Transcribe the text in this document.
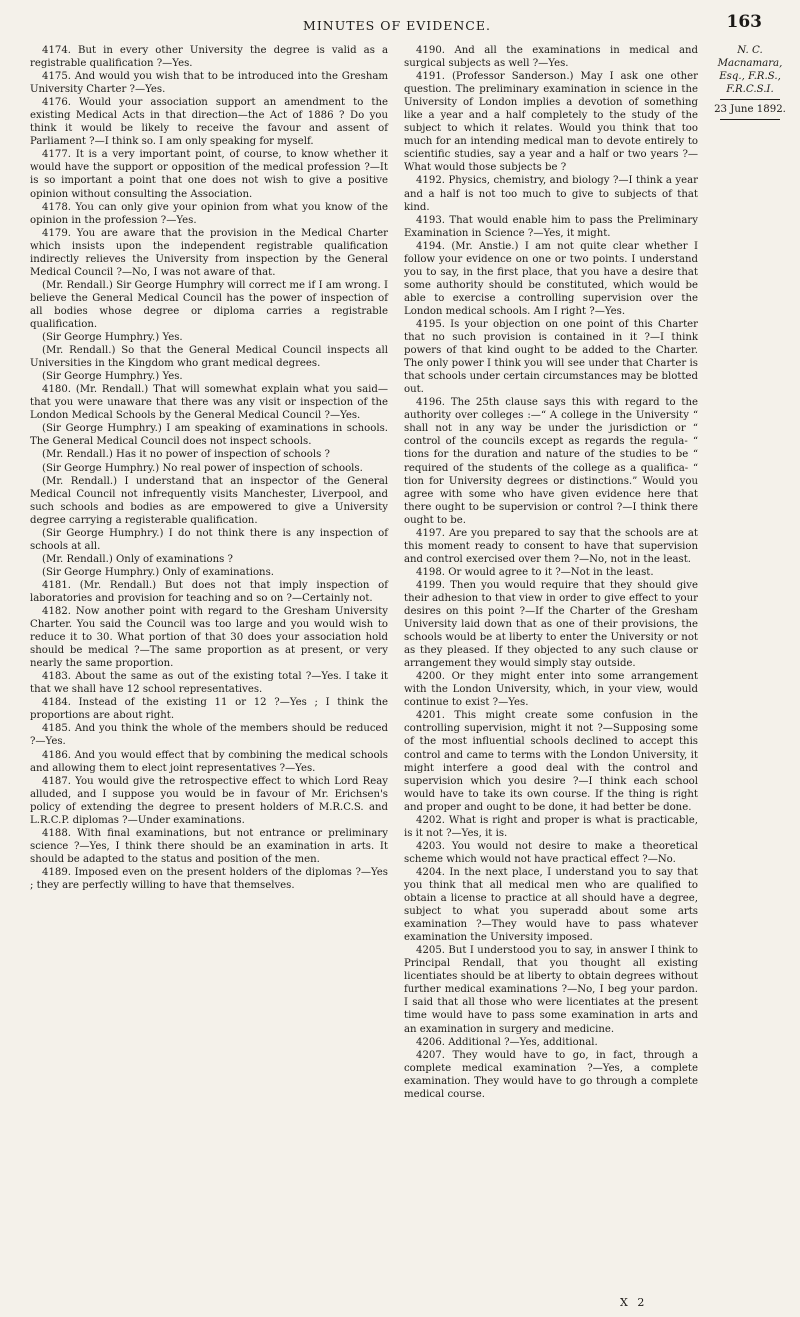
MINUTES OF EVIDENCE.	163

4174. But in every other University the degree is valid as a registrable qualification ?—Yes.

4175. And would you wish that to be introduced into the Gresham University Charter ?—Yes.

4176. Would your association support an amendment to the existing Medical Acts in that direction—the Act of 1886 ? Do you think it would be likely to receive the favour and assent of Parliament ?—I think so. I am only speaking for myself.

4177. It is a very important point, of course, to know whether it would have the support or opposition of the medical profession ?—It is so important a point that one does not wish to give a positive opinion without consulting the Association.

4178. You can only give your opinion from what you know of the opinion in the profession ?—Yes.

4179. You are aware that the provision in the Medical Charter which insists upon the independent registrable qualification indirectly relieves the University from inspection by the General Medical Council ?—No, I was not aware of that.

(Mr. Rendall.) Sir George Humphry will correct me if I am wrong. I believe the General Medical Council has the power of inspection of all bodies whose degree or diploma carries a registrable qualification.

(Sir George Humphry.) Yes.

(Mr. Rendall.) So that the General Medical Council inspects all Universities in the Kingdom who grant medical degrees.

(Sir George Humphry.) Yes.

4180. (Mr. Rendall.) That will somewhat explain what you said—that you were unaware that there was any visit or inspection of the London Medical Schools by the General Medical Council ?—Yes.

(Sir George Humphry.) I am speaking of examinations in schools. The General Medical Council does not inspect schools.

(Mr. Rendall.) Has it no power of inspection of schools ?

(Sir George Humphry.) No real power of inspection of schools.

(Mr. Rendall.) I understand that an inspector of the General Medical Council not infrequently visits Manchester, Liverpool, and such schools and bodies as are empowered to give a University degree carrying a registerable qualification.

(Sir George Humphry.) I do not think there is any inspection of schools at all.

(Mr. Rendall.) Only of examinations ?

(Sir George Humphry.) Only of examinations.

4181. (Mr. Rendall.) But does not that imply inspection of laboratories and provision for teaching and so on ?—Certainly not.

4182. Now another point with regard to the Gresham University Charter. You said the Council was too large and you would wish to reduce it to 30. What portion of that 30 does your association hold should be medical ?—The same proportion as at present, or very nearly the same proportion.

4183. About the same as out of the existing total ?—Yes. I take it that we shall have 12 school representatives.

4184. Instead of the existing 11 or 12 ?—Yes ; I think the proportions are about right.

4185. And you think the whole of the members should be reduced ?—Yes.

4186. And you would effect that by combining the medical schools and allowing them to elect joint representatives ?—Yes.

4187. You would give the retrospective effect to which Lord Reay alluded, and I suppose you would be in favour of Mr. Erichsen's policy of extending the degree to present holders of M.R.C.S. and L.R.C.P. diplomas ?—Under examinations.

4188. With final examinations, but not entrance or preliminary science ?—Yes, I think there should be an examination in arts. It should be adapted to the status and position of the men.

4189. Imposed even on the present holders of the diplomas ?—Yes ; they are perfectly willing to have that themselves.

4190. And all the examinations in medical and surgical subjects as well ?—Yes.

4191. (Professor Sanderson.) May I ask one other question. The preliminary examination in science in the University of London implies a devotion of something like a year and a half completely to the study of the subject to which it relates. Would you think that too much for an intending medical man to devote entirely to scientific studies, say a year and a half or two years ?—What would those subjects be ?

4192. Physics, chemistry, and biology ?—I think a year and a half is not too much to give to subjects of that kind.

4193. That would enable him to pass the Preliminary Examination in Science ?—Yes, it might.

4194. (Mr. Anstie.) I am not quite clear whether I follow your evidence on one or two points. I understand you to say, in the first place, that you have a desire that some authority should be constituted, which would be able to exercise a controlling supervision over the London medical schools. Am I right ?—Yes.

4195. Is your objection on one point of this Charter that no such provision is contained in it ?—I think powers of that kind ought to be added to the Charter. The only power I think you will see under that Charter is that schools under certain circumstances may be blotted out.

4196. The 25th clause says this with regard to the authority over colleges :—“ A college in the University “ shall not in any way be under the jurisdiction or “ control of the councils except as regards the regula- “ tions for the duration and nature of the studies to be “ required of the students of the college as a qualifica- “ tion for University degrees or distinctions.” Would you agree with some who have given evidence here that there ought to be supervision or control ?—I think there ought to be.

4197. Are you prepared to say that the schools are at this moment ready to consent to have that supervision and control exercised over them ?—No, not in the least.

4198. Or would agree to it ?—Not in the least.

4199. Then you would require that they should give their adhesion to that view in order to give effect to your desires on this point ?—If the Charter of the Gresham University laid down that as one of their provisions, the schools would be at liberty to enter the University or not as they pleased. If they objected to any such clause or arrangement they would simply stay outside.

4200. Or they might enter into some arrangement with the London University, which, in your view, would continue to exist ?—Yes.

4201. This might create some confusion in the controlling supervision, might it not ?—Supposing some of the most influential schools declined to accept this control and came to terms with the London University, it might interfere a good deal with the control and supervision which you desire ?—I think each school would have to take its own course. If the thing is right and proper and ought to be done, it had better be done.

4202. What is right and proper is what is practicable, is it not ?—Yes, it is.

4203. You would not desire to make a theoretical scheme which would not have practical effect ?—No.

4204. In the next place, I understand you to say that you think that all medical men who are qualified to obtain a license to practice at all should have a degree, subject to what you superadd about some arts examination ?—They would have to pass whatever examination the University imposed.

4205. But I understood you to say, in answer I think to Principal Rendall, that you thought all existing licentiates should be at liberty to obtain degrees without further medical examinations ?—No, I beg your pardon. I said that all those who were licentiates at the present time would have to pass some examination in arts and an examination in surgery and medicine.

4206. Additional ?—Yes, additional.

4207. They would have to go, in fact, through a complete medical examination ?—Yes, a complete examination. They would have to go through a complete medical course.

N. C. Macnamara,
Esq., F.R.S., F.R.C.S.I.
23 June 1892.
X 2
